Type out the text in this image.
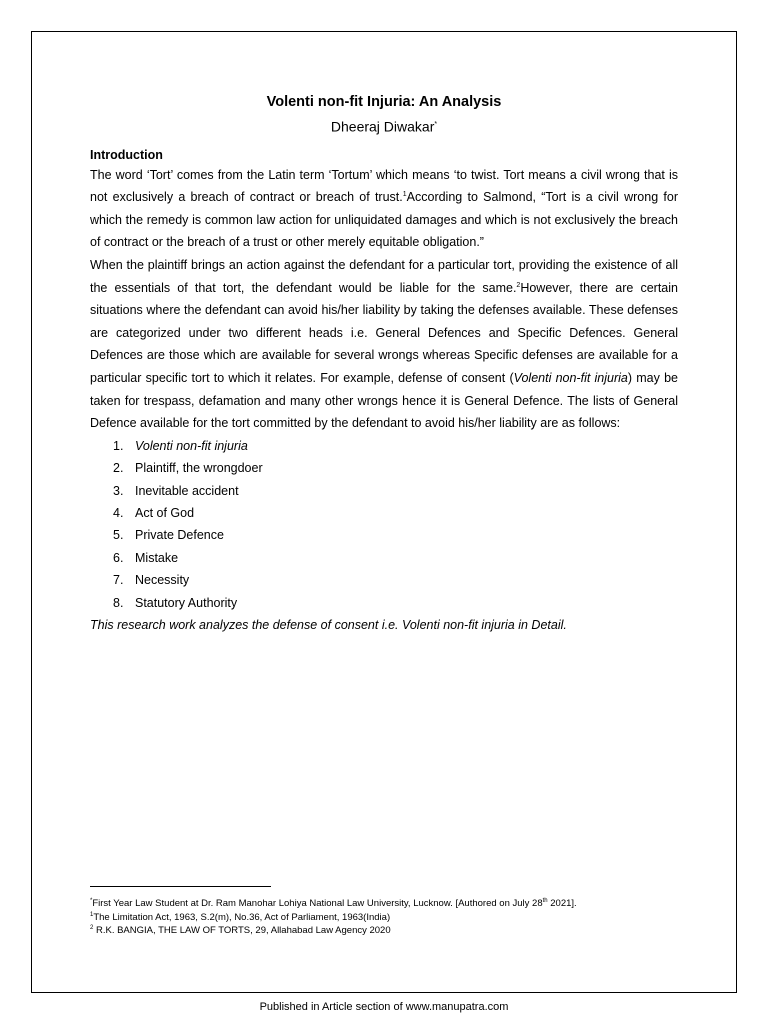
Volenti non-fit Injuria: An Analysis

Dheeraj Diwakar*

Introduction

The word ‘Tort’ comes from the Latin term ‘Tortum’ which means ‘to twist. Tort means a civil wrong that is not exclusively a breach of contract or breach of trust.$^1$According to Salmond, “Tort is a civil wrong for which the remedy is common law action for unliquidated damages and which is not exclusively the breach of contract or the breach of a trust or other merely equitable obligation.”

When the plaintiff brings an action against the defendant for a particular tort, providing the existence of all the essentials of that tort, the defendant would be liable for the same.$^2$However, there are certain situations where the defendant can avoid his/her liability by taking the defenses available. These defenses are categorized under two different heads i.e. General Defences and Specific Defences. General Defences are those which are available for several wrongs whereas Specific defenses are available for a particular specific tort to which it relates. For example, defense of consent (Volenti non-fit injuria) may be taken for trespass, defamation and many other wrongs hence it is General Defence. The lists of General Defence available for the tort committed by the defendant to avoid his/her liability are as follows:

1. Volenti non-fit injuria
2. Plaintiff, the wrongdoer
3. Inevitable accident
4. Act of God
5. Private Defence
6. Mistake
7. Necessity
8. Statutory Authority

This research work analyzes the defense of consent i.e. Volenti non-fit injuria in Detail.

*First Year Law Student at Dr. Ram Manohar Lohiya National Law University, Lucknow. [Authored on July 28th 2021].
$^1$The Limitation Act, 1963, S.2(m), No.36, Act of Parliament, 1963(India)
$^2$ R.K. BANGIA, THE LAW OF TORTS, 29, Allahabad Law Agency 2020
Published in Article section of www.manupatra.com
